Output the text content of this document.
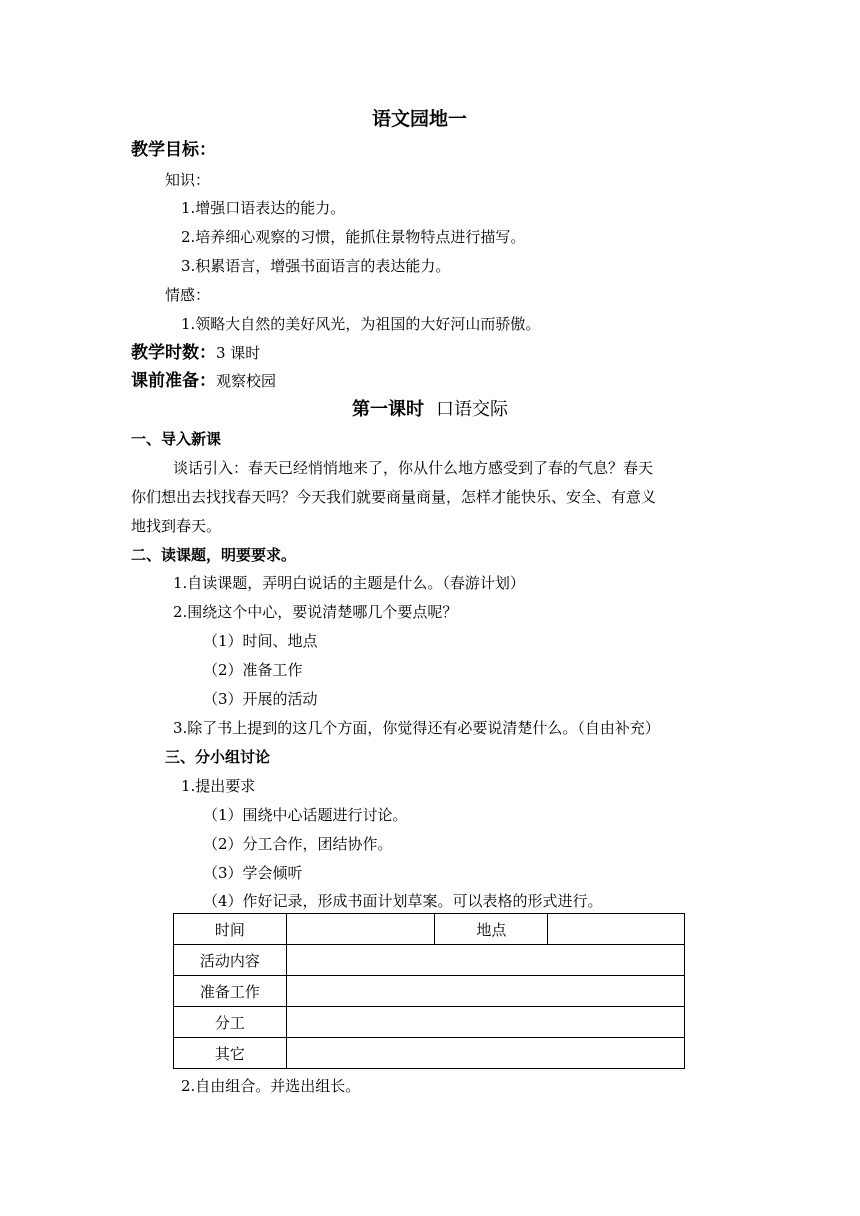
语文园地一
教学目标：
知识：
1.增强口语表达的能力。
2.培养细心观察的习惯，能抓住景物特点进行描写。
3.积累语言，增强书面语言的表达能力。
情感：
1.领略大自然的美好风光，为祖国的大好河山而骄傲。
教学时数：3 课时
课前准备：观察校园
第一课时 口语交际
一、导入新课
谈话引入：春天已经悄悄地来了，你从什么地方感受到了春的气息？春天
你们想出去找找春天吗？今天我们就要商量商量，怎样才能快乐、安全、有意义
地找到春天。
二、读课题，明要要求。
1.自读课题，弄明白说话的主题是什么。（春游计划）
2.围绕这个中心，要说清楚哪几个要点呢？
（1）时间、地点
（2）准备工作
（3）开展的活动
3.除了书上提到的这几个方面，你觉得还有必要说清楚什么。（自由补充）
三、分小组讨论
1.提出要求
（1）围绕中心话题进行讨论。
（2）分工合作，团结协作。
（3）学会倾听
（4）作好记录，形成书面计划草案。可以表格的形式进行。
时间		地点	
活动内容			
准备工作			
分工			
其它			
2.自由组合。并选出组长。
